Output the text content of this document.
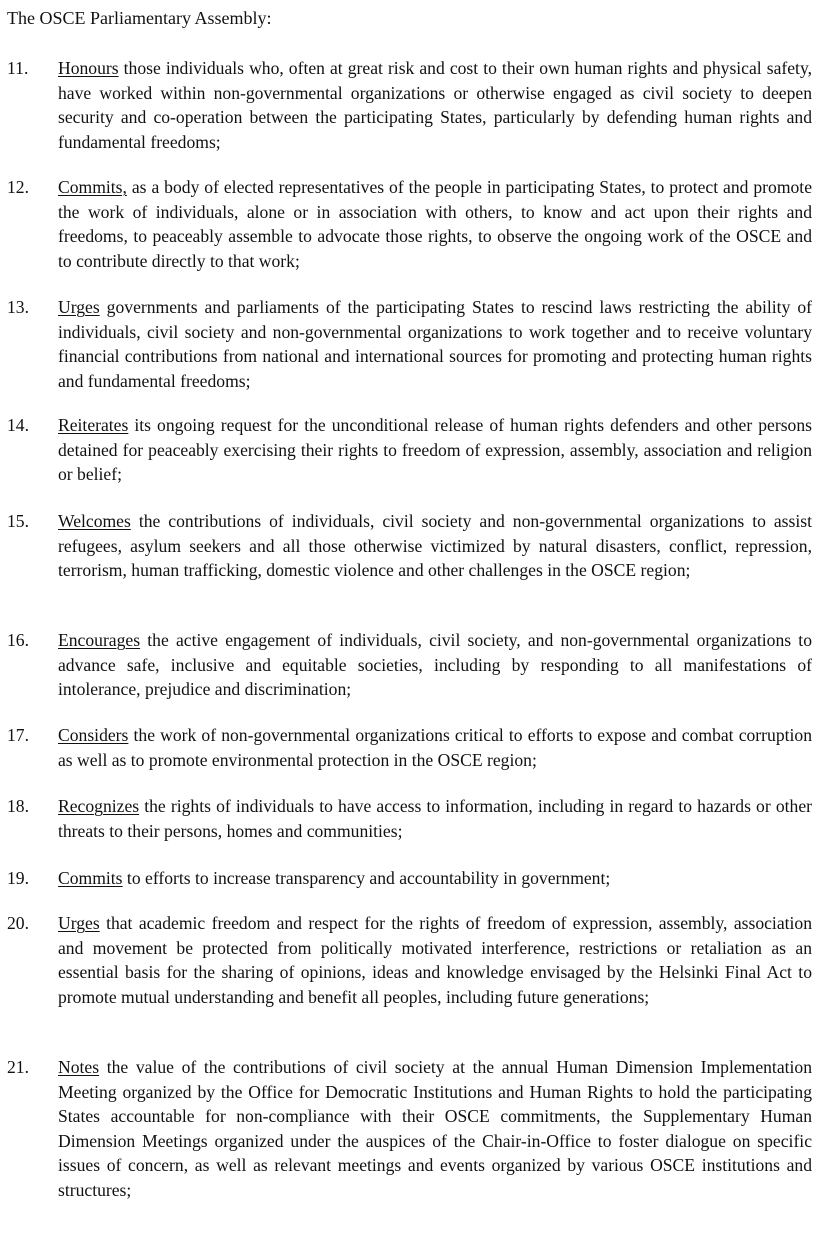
The OSCE Parliamentary Assembly:
11.	Honours those individuals who, often at great risk and cost to their own human rights and physical safety, have worked within non-governmental organizations or otherwise engaged as civil society to deepen security and co-operation between the participating States, particularly by defending human rights and fundamental freedoms;
12.	Commits, as a body of elected representatives of the people in participating States, to protect and promote the work of individuals, alone or in association with others, to know and act upon their rights and freedoms, to peaceably assemble to advocate those rights, to observe the ongoing work of the OSCE and to contribute directly to that work;
13.	Urges governments and parliaments of the participating States to rescind laws restricting the ability of individuals, civil society and non-governmental organizations to work together and to receive voluntary financial contributions from national and international sources for promoting and protecting human rights and fundamental freedoms;
14.	Reiterates its ongoing request for the unconditional release of human rights defenders and other persons detained for peaceably exercising their rights to freedom of expression, assembly, association and religion or belief;
15.	Welcomes the contributions of individuals, civil society and non-governmental organizations to assist refugees, asylum seekers and all those otherwise victimized by natural disasters, conflict, repression, terrorism, human trafficking, domestic violence and other challenges in the OSCE region;
16.	Encourages the active engagement of individuals, civil society, and non-governmental organizations to advance safe, inclusive and equitable societies, including by responding to all manifestations of intolerance, prejudice and discrimination;
17.	Considers the work of non-governmental organizations critical to efforts to expose and combat corruption as well as to promote environmental protection in the OSCE region;
18.	Recognizes the rights of individuals to have access to information, including in regard to hazards or other threats to their persons, homes and communities;
19.	Commits to efforts to increase transparency and accountability in government;
20.	Urges that academic freedom and respect for the rights of freedom of expression, assembly, association and movement be protected from politically motivated interference, restrictions or retaliation as an essential basis for the sharing of opinions, ideas and knowledge envisaged by the Helsinki Final Act to promote mutual understanding and benefit all peoples, including future generations;
21.	Notes the value of the contributions of civil society at the annual Human Dimension Implementation Meeting organized by the Office for Democratic Institutions and Human Rights to hold the participating States accountable for non-compliance with their OSCE commitments, the Supplementary Human Dimension Meetings organized under the auspices of the Chair-in-Office to foster dialogue on specific issues of concern, as well as relevant meetings and events organized by various OSCE institutions and structures;
